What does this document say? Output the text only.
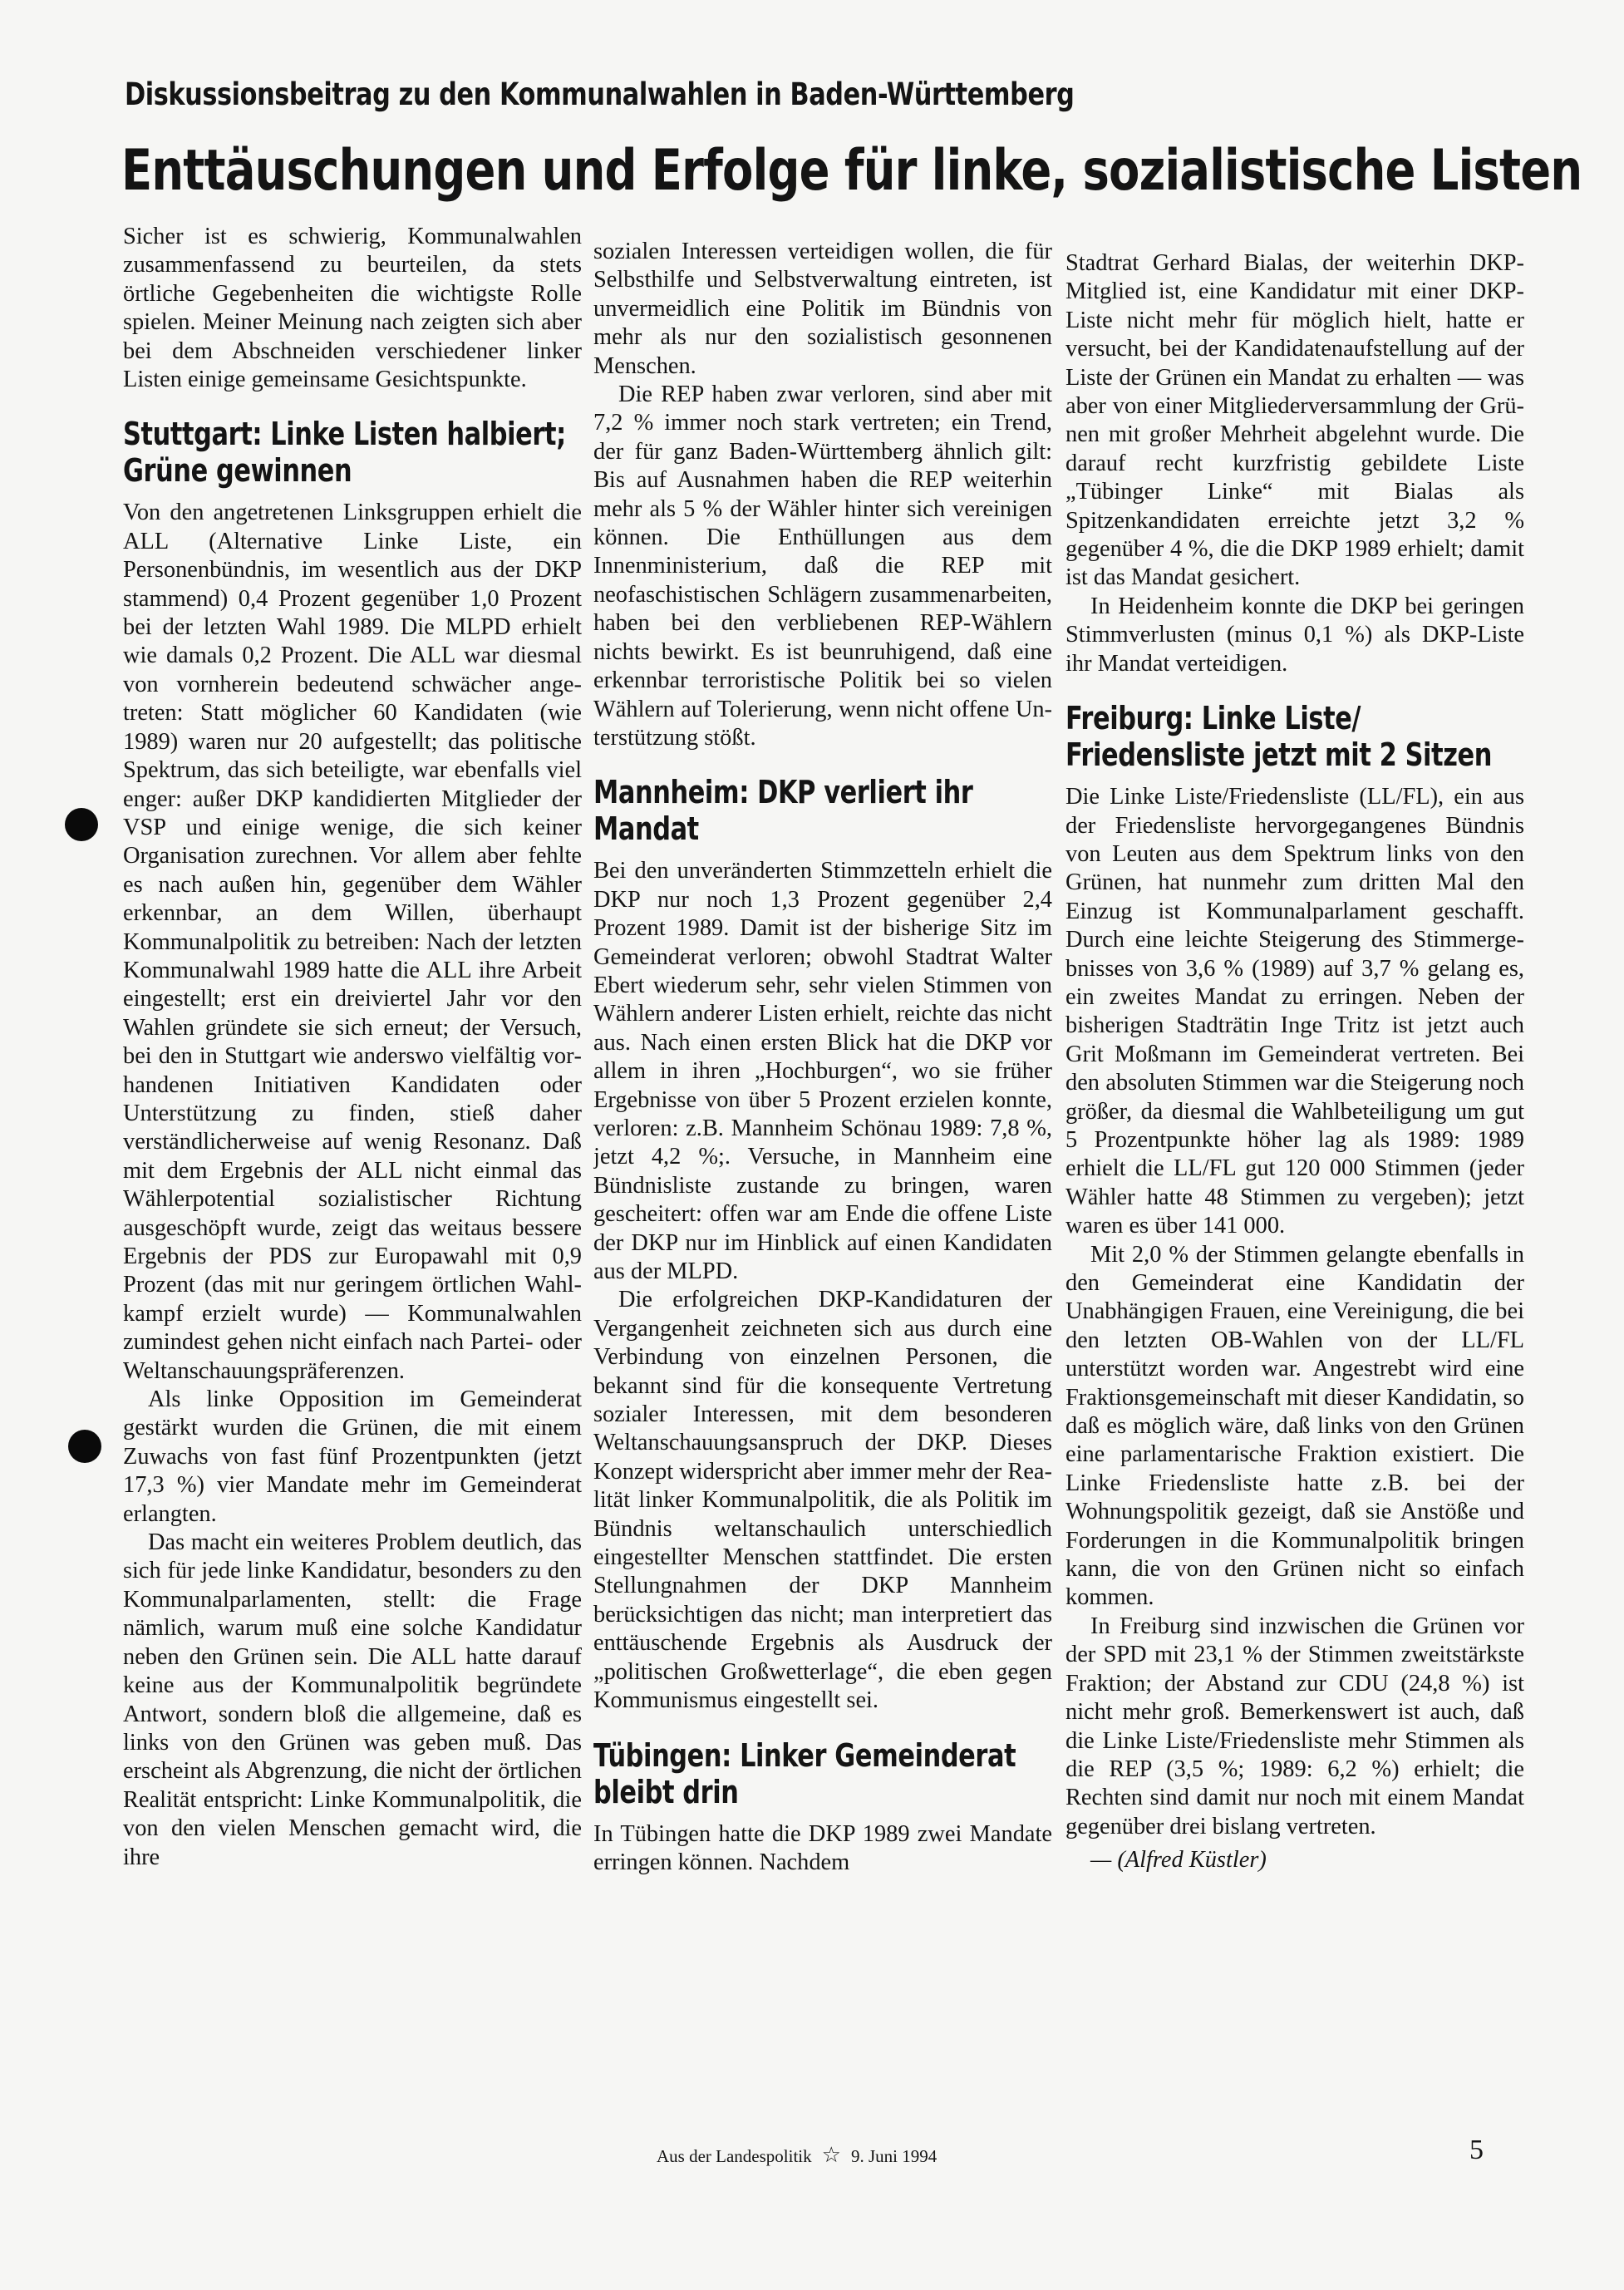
Diskussionsbeitrag zu den Kommunalwahlen in Baden-Württemberg
Enttäuschungen und Erfolge für linke, sozialistische Listen

Sicher ist es schwierig, Kommunalwahlen zusammenfassend zu beurteilen, da stets örtliche Gegebenheiten die wichtigste Rolle spielen. Meiner Meinung nach zeigten sich aber bei dem Abschneiden verschiedener linker Listen einige gemeinsame Gesichtspunkte.

Stuttgart: Linke Listen halbiert; Grüne gewinnen

Von den angetretenen Linksgruppen erhielt die ALL (Alternative Linke Liste, ein Personenbündnis, im wesentlich aus der DKP stammend) 0,4 Prozent gegenüber 1,0 Prozent bei der letzten Wahl 1989. Die MLPD erhielt wie damals 0,2 Prozent. Die ALL war diesmal von vornherein bedeutend schwächer angetreten: Statt möglicher 60 Kandidaten (wie 1989) waren nur 20 aufgestellt; das politische Spektrum, das sich beteiligte, war ebenfalls viel enger: außer DKP kandidierten Mitglieder der VSP und einige wenige, die sich keiner Organisation zurechnen. Vor allem aber fehlte es nach außen hin, gegenüber dem Wähler erkennbar, an dem Willen, überhaupt Kommunalpolitik zu betreiben: Nach der letzten Kommunalwahl 1989 hatte die ALL ihre Arbeit eingestellt; erst ein dreiviertel Jahr vor den Wahlen gründete sie sich erneut; der Versuch, bei den in Stuttgart wie anderswo vielfältig vorhandenen Initiativen Kandidaten oder Unterstützung zu finden, stieß daher verständlicherweise auf wenig Resonanz. Daß mit dem Ergebnis der ALL nicht einmal das Wählerpotential sozialistischer Richtung ausgeschöpft wurde, zeigt das weitaus bessere Ergebnis der PDS zur Europawahl mit 0,9 Prozent (das mit nur geringem örtlichen Wahlkampf erzielt wurde) — Kommunalwahlen zumindest gehen nicht einfach nach Partei- oder Weltanschauungspräferenzen.

Als linke Opposition im Gemeinderat gestärkt wurden die Grünen, die mit einem Zuwachs von fast fünf Prozentpunkten (jetzt 17,3 %) vier Mandate mehr im Gemeinderat erlangten.

Das macht ein weiteres Problem deutlich, das sich für jede linke Kandidatur, besonders zu den Kommunalparlamenten, stellt: die Frage nämlich, warum muß eine solche Kandidatur neben den Grünen sein. Die ALL hatte darauf keine aus der Kommunalpolitik begründete Antwort, sondern bloß die allgemeine, daß es links von den Grünen was geben muß. Das erscheint als Abgrenzung, die nicht der örtlichen Realität entspricht: Linke Kommunalpolitik, die von den vielen Menschen gemacht wird, die ihre

sozialen Interessen verteidigen wollen, die für Selbsthilfe und Selbstverwaltung eintreten, ist unvermeidlich eine Politik im Bündnis von mehr als nur den sozialistisch gesonnenen Menschen.

Die REP haben zwar verloren, sind aber mit 7,2 % immer noch stark vertreten; ein Trend, der für ganz Baden-Württemberg ähnlich gilt: Bis auf Ausnahmen haben die REP weiterhin mehr als 5 % der Wähler hinter sich vereinigen können. Die Enthüllungen aus dem Innenministerium, daß die REP mit neofaschistischen Schlägern zusammenarbeiten, haben bei den verbliebenen REP-Wählern nichts bewirkt. Es ist beunruhigend, daß eine erkennbar terroristische Politik bei so vielen Wählern auf Tolerierung, wenn nicht offene Unterstützung stößt.

Mannheim: DKP verliert ihr Mandat

Bei den unveränderten Stimmzetteln erhielt die DKP nur noch 1,3 Prozent gegenüber 2,4 Prozent 1989. Damit ist der bisherige Sitz im Gemeinderat verloren; obwohl Stadtrat Walter Ebert wiederum sehr, sehr vielen Stimmen von Wählern anderer Listen erhielt, reichte das nicht aus. Nach einen ersten Blick hat die DKP vor allem in ihren „Hochburgen“, wo sie früher Ergebnisse von über 5 Prozent erzielen konnte, verloren: z.B. Mannheim Schönau 1989: 7,8 %, jetzt 4,2 %;. Versuche, in Mannheim eine Bündnisliste zustande zu bringen, waren gescheitert: offen war am Ende die offene Liste der DKP nur im Hinblick auf einen Kandidaten aus der MLPD.

Die erfolgreichen DKP-Kandidaturen der Vergangenheit zeichneten sich aus durch eine Verbindung von einzelnen Personen, die bekannt sind für die konsequente Vertretung sozialer Interessen, mit dem besonderen Weltanschauungsanspruch der DKP. Dieses Konzept widerspricht aber immer mehr der Realität linker Kommunalpolitik, die als Politik im Bündnis weltanschaulich unterschiedlich eingestellter Menschen stattfindet. Die ersten Stellungnahmen der DKP Mannheim berücksichtigen das nicht; man interpretiert das enttäuschende Ergebnis als Ausdruck der „politischen Großwetterlage“, die eben gegen Kommunismus eingestellt sei.

Tübingen: Linker Gemeinderat bleibt drin

In Tübingen hatte die DKP 1989 zwei Mandate erringen können. Nachdem

Stadtrat Gerhard Bialas, der weiterhin DKP-Mitglied ist, eine Kandidatur mit einer DKP-Liste nicht mehr für möglich hielt, hatte er versucht, bei der Kandidatenaufstellung auf der Liste der Grünen ein Mandat zu erhalten — was aber von einer Mitgliederversammlung der Grünen mit großer Mehrheit abgelehnt wurde. Die darauf recht kurzfristig gebildete Liste „Tübinger Linke“ mit Bialas als Spitzenkandidaten erreichte jetzt 3,2 % gegenüber 4 %, die die DKP 1989 erhielt; damit ist das Mandat gesichert.

In Heidenheim konnte die DKP bei geringen Stimmverlusten (minus 0,1 %) als DKP-Liste ihr Mandat verteidigen.

Freiburg: Linke Liste/ Friedensliste jetzt mit 2 Sitzen

Die Linke Liste/Friedensliste (LL/FL), ein aus der Friedensliste hervorgegangenes Bündnis von Leuten aus dem Spektrum links von den Grünen, hat nunmehr zum dritten Mal den Einzug ist Kommunalparlament geschafft. Durch eine leichte Steigerung des Stimmergebnisses von 3,6 % (1989) auf 3,7 % gelang es, ein zweites Mandat zu erringen. Neben der bisherigen Stadträtin Inge Tritz ist jetzt auch Grit Moßmann im Gemeinderat vertreten. Bei den absoluten Stimmen war die Steigerung noch größer, da diesmal die Wahlbeteiligung um gut 5 Prozentpunkte höher lag als 1989: 1989 erhielt die LL/FL gut 120 000 Stimmen (jeder Wähler hatte 48 Stimmen zu vergeben); jetzt waren es über 141 000.

Mit 2,0 % der Stimmen gelangte ebenfalls in den Gemeinderat eine Kandidatin der Unabhängigen Frauen, eine Vereinigung, die bei den letzten OB-Wahlen von der LL/FL unterstützt worden war. Angestrebt wird eine Fraktionsgemeinschaft mit dieser Kandidatin, so daß es möglich wäre, daß links von den Grünen eine parlamentarische Fraktion existiert. Die Linke Friedensliste hatte z.B. bei der Wohnungspolitik gezeigt, daß sie Anstöße und Forderungen in die Kommunalpolitik bringen kann, die von den Grünen nicht so einfach kommen.

In Freiburg sind inzwischen die Grünen vor der SPD mit 23,1 % der Stimmen zweitstärkste Fraktion; der Abstand zur CDU (24,8 %) ist nicht mehr groß. Bemerkenswert ist auch, daß die Linke Liste/Friedensliste mehr Stimmen als die REP (3,5 %; 1989: 6,2 %) erhielt; die Rechten sind damit nur noch mit einem Mandat gegenüber drei bislang vertreten.

— (Alfred Küstler)

Aus der Landespolitik ☆ 9. Juni 1994	5
